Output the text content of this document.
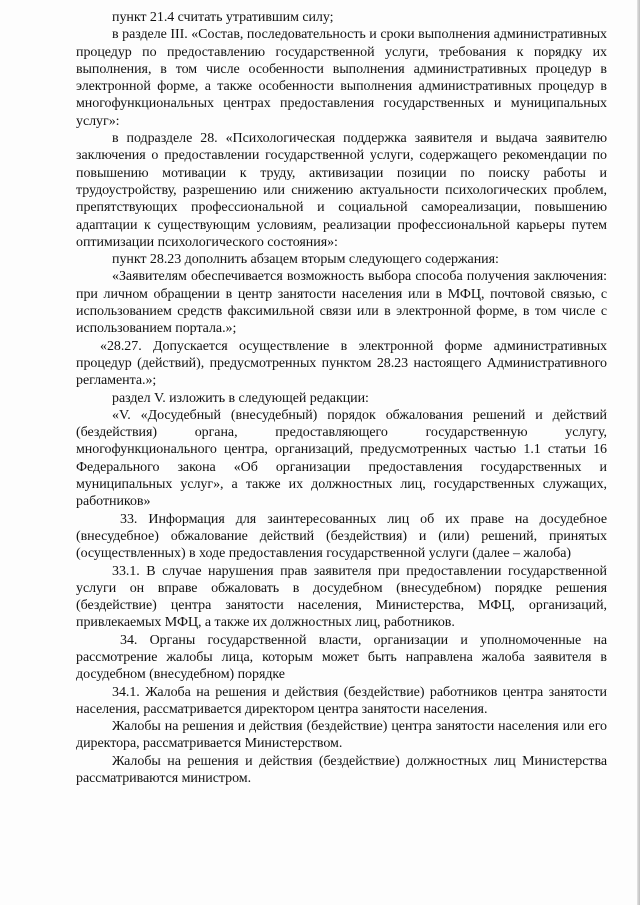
пункт 21.4 считать утратившим силу;

в разделе III. «Состав, последовательность и сроки выполнения административных процедур по предоставлению государственной услуги, требования к порядку их выполнения, в том числе особенности выполнения административных процедур в электронной форме, а также особенности выполнения административных процедур в многофункциональных центрах предоставления государственных и муниципальных услуг»:

в подразделе 28. «Психологическая поддержка заявителя и выдача заявителю заключения о предоставлении государственной услуги, содержащего рекомендации по повышению мотивации к труду, активизации позиции по поиску работы и трудоустройству, разрешению или снижению актуальности психологических проблем, препятствующих профессиональной и социальной самореализации, повышению адаптации к существующим условиям, реализации профессиональной карьеры путем оптимизации психологического состояния»:

пункт 28.23 дополнить абзацем вторым следующего содержания:

«Заявителям обеспечивается возможность выбора способа получения заключения: при личном обращении в центр занятости населения или в МФЦ, почтовой связью, с использованием средств факсимильной связи или в электронной форме, в том числе с использованием портала.»;

«28.27. Допускается осуществление в электронной форме административных процедур (действий), предусмотренных пунктом 28.23 настоящего Административного регламента.»;

раздел V. изложить в следующей редакции:

«V. «Досудебный (внесудебный) порядок обжалования решений и действий (бездействия) органа, предоставляющего государственную услугу, многофункционального центра, организаций, предусмотренных частью 1.1 статьи 16 Федерального закона «Об организации предоставления государственных и муниципальных услуг», а также их должностных лиц, государственных служащих, работников»

33. Информация для заинтересованных лиц об их праве на досудебное (внесудебное) обжалование действий (бездействия) и (или) решений, принятых (осуществленных) в ходе предоставления государственной услуги (далее – жалоба)

33.1. В случае нарушения прав заявителя при предоставлении государственной услуги он вправе обжаловать в досудебном (внесудебном) порядке решения (бездействие) центра занятости населения, Министерства, МФЦ, организаций, привлекаемых МФЦ, а также их должностных лиц, работников.

34. Органы государственной власти, организации и уполномоченные на рассмотрение жалобы лица, которым может быть направлена жалоба заявителя в досудебном (внесудебном) порядке

34.1. Жалоба на решения и действия (бездействие) работников центра занятости населения, рассматривается директором центра занятости населения.

Жалобы на решения и действия (бездействие) центра занятости населения или его директора, рассматривается Министерством.

Жалобы на решения и действия (бездействие) должностных лиц Министерства рассматриваются министром.
